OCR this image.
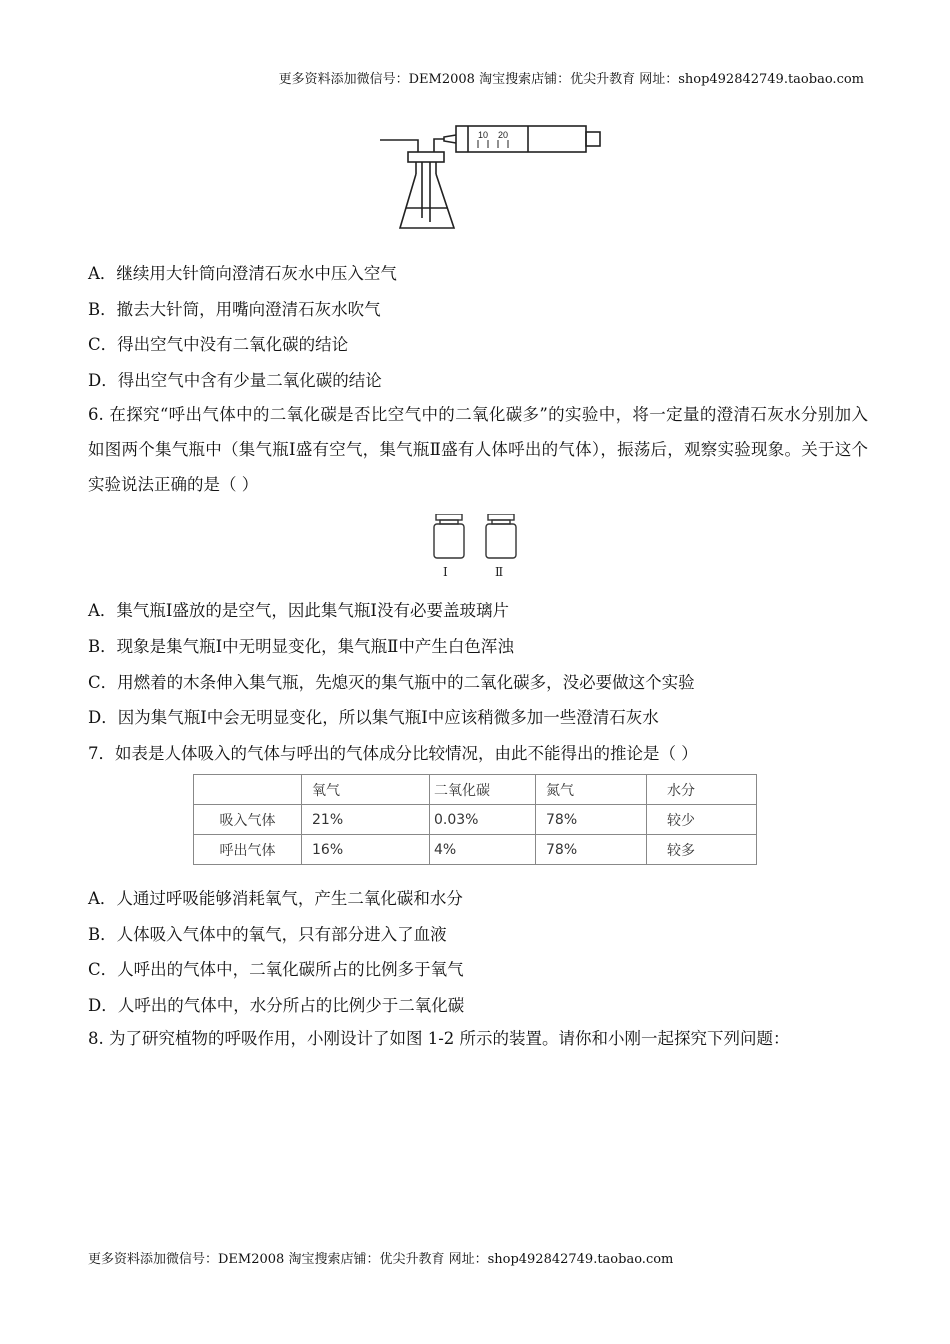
更多资料添加微信号：DEM2008 淘宝搜索店铺：优尖升教育 网址：shop492842749.taobao.com
10 20
A．继续用大针筒向澄清石灰水中压入空气
B．撤去大针筒，用嘴向澄清石灰水吹气
C．得出空气中没有二氧化碳的结论
D．得出空气中含有少量二氧化碳的结论
6. 在探究“呼出气体中的二氧化碳是否比空气中的二氧化碳多”的实验中，将一定量的澄清石灰水分别加入如图两个集气瓶中（集气瓶Ⅰ盛有空气，集气瓶Ⅱ盛有人体呼出的气体），振荡后，观察实验现象。关于这个实验说法正确的是（ ）
Ⅰ	Ⅱ
A．集气瓶Ⅰ盛放的是空气，因此集气瓶Ⅰ没有必要盖玻璃片
B．现象是集气瓶Ⅰ中无明显变化，集气瓶Ⅱ中产生白色浑浊
C．用燃着的木条伸入集气瓶，先熄灭的集气瓶中的二氧化碳多，没必要做这个实验
D．因为集气瓶Ⅰ中会无明显变化，所以集气瓶Ⅰ中应该稍微多加一些澄清石灰水
7．如表是人体吸入的气体与呼出的气体成分比较情况，由此不能得出的推论是（ ）
	氧气	二氧化碳	氮气	水分
吸入气体	21%	0.03%	78%	较少
呼出气体	16%	4%	78%	较多
A．人通过呼吸能够消耗氧气，产生二氧化碳和水分
B．人体吸入气体中的氧气，只有部分进入了血液
C．人呼出的气体中，二氧化碳所占的比例多于氧气
D．人呼出的气体中，水分所占的比例少于二氧化碳
8. 为了研究植物的呼吸作用，小刚设计了如图 1-2 所示的装置。请你和小刚一起探究下列问题：
更多资料添加微信号：DEM2008 淘宝搜索店铺：优尖升教育 网址：shop492842749.taobao.com
